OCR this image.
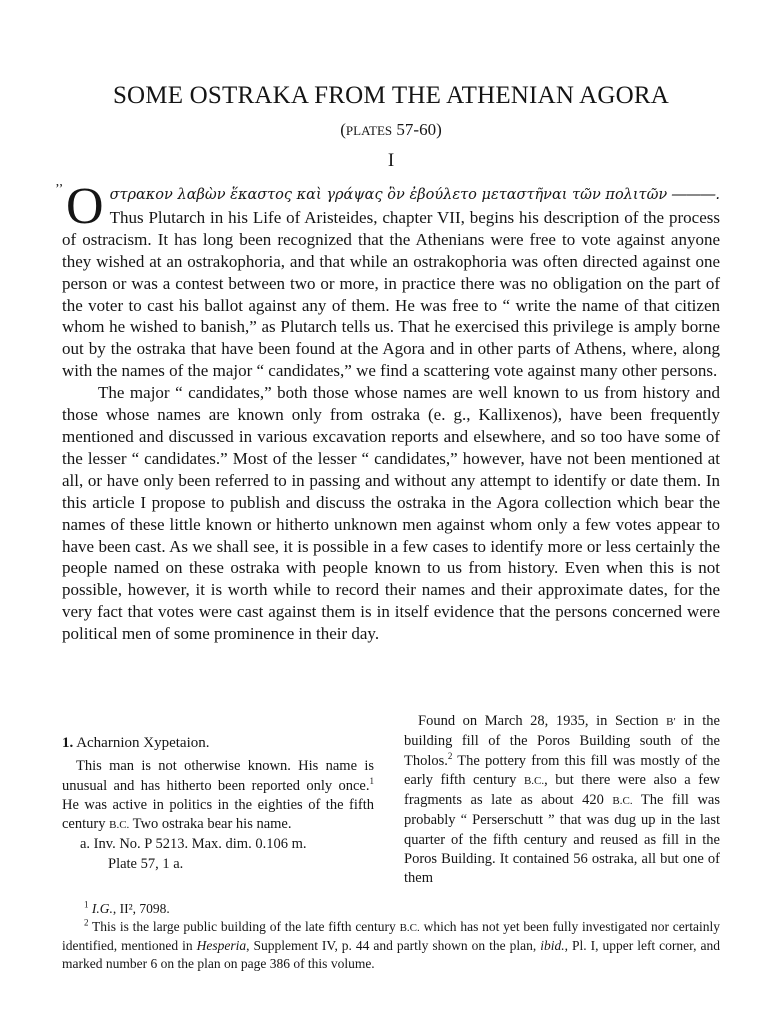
SOME OSTRAKA FROM THE ATHENIAN AGORA
(PLATES 57-60)
I
’’ Oστρακον λαβὼν ἕκαστος καὶ γράψας ὃν ἐβούλετο μεταστῆναι τῶν πολιτῶν ―――. Thus Plutarch in his Life of Aristeides, chapter VII, begins his description of the process of ostracism. It has long been recognized that the Athenians were free to vote against anyone they wished at an ostrakophoria, and that while an ostrakophoria was often directed against one person or was a contest between two or more, in practice there was no obligation on the part of the voter to cast his ballot against any of them. He was free to “ write the name of that citizen whom he wished to banish,” as Plutarch tells us. That he exercised this privilege is amply borne out by the ostraka that have been found at the Agora and in other parts of Athens, where, along with the names of the major “ candidates,” we find a scattering vote against many other persons.

The major “ candidates,” both those whose names are well known to us from history and those whose names are known only from ostraka (e. g., Kallixenos), have been frequently mentioned and discussed in various excavation reports and elsewhere, and so too have some of the lesser “ candidates.” Most of the lesser “ candidates,” however, have not been mentioned at all, or have only been referred to in passing and without any attempt to identify or date them. In this article I propose to publish and discuss the ostraka in the Agora collection which bear the names of these little known or hitherto unknown men against whom only a few votes appear to have been cast. As we shall see, it is possible in a few cases to identify more or less certainly the people named on these ostraka with people known to us from history. Even when this is not possible, however, it is worth while to record their names and their approximate dates, for the very fact that votes were cast against them is in itself evidence that the persons concerned were political men of some prominence in their day.

1. Acharnion Xypetaion.

This man is not otherwise known. His name is unusual and has hitherto been reported only once.$^1$ He was active in politics in the eighties of the fifth century B.C. Two ostraka bear his name.

a. Inv. No. P 5213. Max. dim. 0.106 m.

Plate 57, 1 a.

Found on March 28, 1935, in Section B′ in the building fill of the Poros Building south of the Tholos.$^2$ The pottery from this fill was mostly of the early fifth century B.C., but there were also a few fragments as late as about 420 B.C. The fill was probably “ Perserschutt ” that was dug up in the last quarter of the fifth century and reused as fill in the Poros Building. It contained 56 ostraka, all but one of them

$^1$ I.G., II², 7098.

$^2$ This is the large public building of the late fifth century B.C. which has not yet been fully investigated nor certainly identified, mentioned in Hesperia, Supplement IV, p. 44 and partly shown on the plan, ibid., Pl. I, upper left corner, and marked number 6 on the plan on page 386 of this volume.
